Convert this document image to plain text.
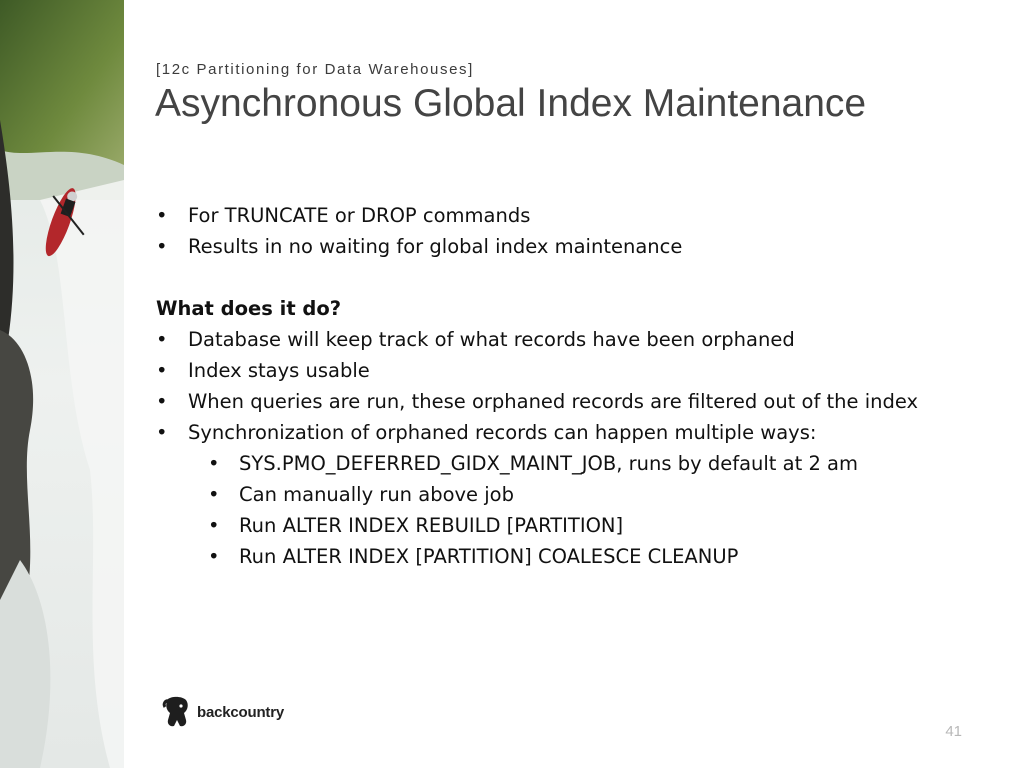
[12c Partitioning for Data Warehouses]
Asynchronous Global Index Maintenance
• For TRUNCATE or DROP commands
• Results in no waiting for global index maintenance
What does it do?
• Database will keep track of what records have been orphaned
• Index stays usable
• When queries are run, these orphaned records are filtered out of the index
• Synchronization of orphaned records can happen multiple ways:
• SYS.PMO_DEFERRED_GIDX_MAINT_JOB, runs by default at 2 am
• Can manually run above job
• Run ALTER INDEX REBUILD [PARTITION]
• Run ALTER INDEX [PARTITION] COALESCE CLEANUP
backcountry
41
